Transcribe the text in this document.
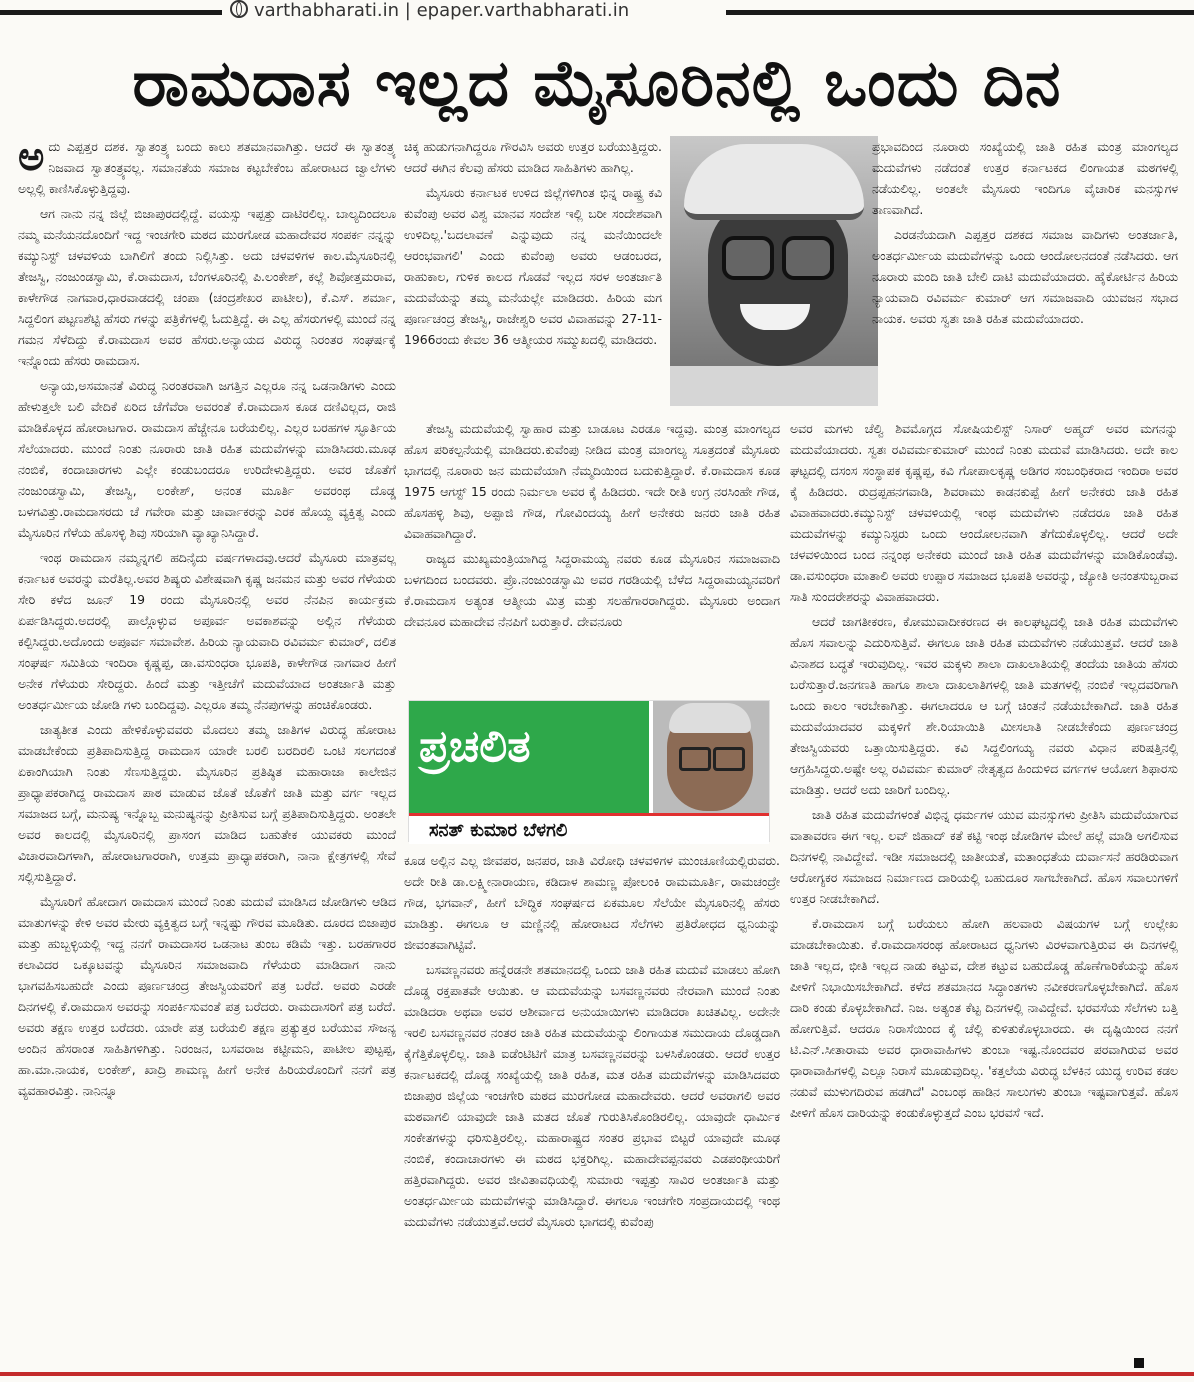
varthabharati.in | epaper.varthabharati.in
ರಾಮದಾಸ ಇಲ್ಲದ ಮೈಸೂರಿನಲ್ಲಿ ಒಂದು ದಿನ

ಅದು ಎಪ್ಪತ್ತರ ದಶಕ. ಸ್ವಾತಂತ್ರ್ಯ ಬಂದು ಕಾಲು ಶತಮಾನವಾಗಿತ್ತು. ಆದರೆ ಈ ಸ್ವಾತಂತ್ರ್ಯ ನಿಜವಾದ ಸ್ವಾತಂತ್ರ್ಯವಲ್ಲ. ಸಮಾನತೆಯ ಸಮಾಜ ಕಟ್ಟಬೇಕೆಂಬ ಹೋರಾಟದ ಜ್ವಾಲೆಗಳು ಅಲ್ಲಲ್ಲಿ ಕಾಣಿಸಿಕೊಳ್ಳುತ್ತಿದ್ದವು.

ಆಗ ನಾನು ನನ್ನ ಜಿಲ್ಲೆ ಬಿಜಾಪುರದಲ್ಲಿದ್ದೆ. ವಯಸ್ಸು ಇಪ್ಪತ್ತು ದಾಟಿರಲಿಲ್ಲ. ಬಾಲ್ಯದಿಂದಲೂ ನಮ್ಮ ಮನೆಯನದೊಂದಿಗೆ ಇದ್ದ ಇಂಚಗೇರಿ ಮಠದ ಮುರಗೋಡ ಮಹಾದೇವರ ಸಂಪರ್ಕ ನನ್ನನ್ನು ಕಮ್ಯುನಿಸ್ಟ್ ಚಳವಳಿಯ ಬಾಗಿಲಿಗೆ ತಂದು ನಿಲ್ಲಿಸಿತ್ತು. ಅದು ಚಳವಳಿಗಳ ಕಾಲ.ಮೈಸೂರಿನಲ್ಲಿ ತೇಜಸ್ವಿ, ನಂಜುಂಡಸ್ವಾಮಿ, ಕೆ.ರಾಮದಾಸ, ಬೆಂಗಳೂರಿನಲ್ಲಿ ಪಿ.ಲಂಕೇಶ್, ಕಲ್ಲೆ ಶಿವೋತ್ತಮರಾವ, ಕಾಳೇಗೌಡ ನಾಗವಾರ,ಧಾರವಾಡದಲ್ಲಿ ಚಂಪಾ (ಚಂದ್ರಶೇಖರ ಪಾಟೀಲ), ಕೆ.ಎಸ್. ಶರ್ಮಾ, ಸಿದ್ದಲಿಂಗ ಪಟ್ಟಣಶೆಟ್ಟಿ ಹೆಸರು ಗಳನ್ನು ಪತ್ರಿಕೆಗಳಲ್ಲಿ ಓದುತ್ತಿದ್ದೆ. ಈ ಎಲ್ಲ ಹೆಸರುಗಳಲ್ಲಿ ಮುಂದೆ ನನ್ನ ಗಮನ ಸೆಳೆದಿದ್ದು ಕೆ.ರಾಮದಾಸ ಅವರ ಹೆಸರು.ಅನ್ಯಾಯದ ವಿರುದ್ಧ ನಿರಂತರ ಸಂಘರ್ಷಕ್ಕೆ ಇನ್ನೊಂದು ಹೆಸರು ರಾಮದಾಸ.

ಅನ್ಯಾಯ,ಅಸಮಾನತೆ ವಿರುದ್ಧ ನಿರಂತರವಾಗಿ ಜಗತ್ತಿನ ಎಲ್ಲರೂ ನನ್ನ ಒಡನಾಡಿಗಳು ಎಂದು ಹೇಳುತ್ತಲೇ ಬಲಿ ವೇದಿಕೆ ಏರಿದ ಚೆಗೆವೆರಾ ಅವರಂತೆ ಕೆ.ರಾಮದಾಸ ಕೂಡ ದಣಿವಿಲ್ಲದ, ರಾಜಿ ಮಾಡಿಕೊಳ್ಳದ ಹೋರಾಟಗಾರ. ರಾಮದಾಸ ಹೆಚ್ಚೇನೂ ಬರೆಯಲಿಲ್ಲ. ಎಲ್ಲರ ಬರಹಗಳ ಸ್ಫೂರ್ತಿಯ ಸೆಲೆಯಾದರು. ಮುಂದೆ ನಿಂತು ನೂರಾರು ಜಾತಿ ರಹಿತ ಮದುವೆಗಳನ್ನು ಮಾಡಿಸಿದರು.ಮೂಢ ನಂಬಿಕೆ, ಕಂದಾಚಾರಗಳು ಎಲ್ಲೇ ಕಂಡುಬಂದರೂ ಉರಿದೇಳುತ್ತಿದ್ದರು. ಅವರ ಜೊತೆಗೆ ನಂಜುಂಡಸ್ವಾಮಿ, ತೇಜಸ್ವಿ, ಲಂಕೇಶ್, ಅನಂತ ಮೂರ್ತಿ ಅವರಂಥ ದೊಡ್ಡ ಬಳಗವಿತ್ತು.ರಾಮದಾಸರದು ಚೆ ಗವೇರಾ ಮತ್ತು ಚಾರ್ವಾಕರನ್ನು ಎರಕ ಹೊಯ್ದ ವ್ಯಕ್ತಿತ್ವ ಎಂದು ಮೈಸೂರಿನ ಗೆಳೆಯ ಹೊಸಳ್ಳಿ ಶಿವು ಸರಿಯಾಗಿ ವ್ಯಾಖ್ಯಾನಿಸಿದ್ದಾರೆ.

ಇಂಥ ರಾಮದಾಸ ನಮ್ಮನ್ನಗಲಿ ಹದಿನೈದು ವರ್ಷಗಳಾದವು.ಆದರೆ ಮೈಸೂರು ಮಾತ್ರವಲ್ಲ ಕರ್ನಾಟಕ ಅವರನ್ನು ಮರೆತಿಲ್ಲ.ಅವರ ಶಿಷ್ಯರು ವಿಶೇಷವಾಗಿ ಕೃಷ್ಣ ಜನಮನ ಮತ್ತು ಅವರ ಗೆಳೆಯರು ಸೇರಿ ಕಳೆದ ಜೂನ್ 19 ರಂದು ಮೈಸೂರಿನಲ್ಲಿ ಅವರ ನೆನಪಿನ ಕಾರ್ಯಕ್ರಮ ಏರ್ಪಡಿಸಿದ್ದರು.ಅದರಲ್ಲಿ ಪಾಲ್ಗೊಳ್ಳುವ ಅಪೂರ್ವ ಅವಕಾಶವನ್ನು ಅಲ್ಲಿನ ಗೆಳೆಯರು ಕಲ್ಪಿಸಿದ್ದರು.ಅದೊಂದು ಅಪೂರ್ವ ಸಮಾವೇಶ. ಹಿರಿಯ ನ್ಯಾಯವಾದಿ ರವಿವರ್ಮ ಕುಮಾರ್, ದಲಿತ ಸಂಘರ್ಷ ಸಮಿತಿಯ ಇಂದಿರಾ ಕೃಷ್ಣಪ್ಪ, ಡಾ.ವಸುಂಧರಾ ಭೂಪತಿ, ಕಾಳೇಗೌಡ ನಾಗವಾರ ಹೀಗೆ ಅನೇಕ ಗೆಳೆಯರು ಸೇರಿದ್ದರು. ಹಿಂದೆ ಮತ್ತು ಇತ್ತೀಚೆಗೆ ಮದುವೆಯಾದ ಅಂತರ್ಜಾತಿ ಮತ್ತು ಅಂತರ್ಧರ್ಮೀಯ ಜೋಡಿ ಗಳು ಬಂದಿದ್ದವು. ಎಲ್ಲರೂ ತಮ್ಮ ನೆನಪುಗಳನ್ನು ಹಂಚಿಕೊಂಡರು.

ಜಾತ್ಯತೀತ ಎಂದು ಹೇಳಿಕೊಳ್ಳುವವರು ಮೊದಲು ತಮ್ಮ ಜಾತಿಗಳ ವಿರುದ್ಧ ಹೋರಾಟ ಮಾಡಬೇಕೆಂದು ಪ್ರತಿಪಾದಿಸುತ್ತಿದ್ದ ರಾಮದಾಸ ಯಾರೇ ಬರಲಿ ಬರದಿರಲಿ ಒಂಟಿ ಸಲಗದಂತೆ ಏಕಾಂಗಿಯಾಗಿ ನಿಂತು ಸೆಣಸುತ್ತಿದ್ದರು. ಮೈಸೂರಿನ ಪ್ರತಿಷ್ಠಿತ ಮಹಾರಾಜಾ ಕಾಲೇಜಿನ ಪ್ರಾಧ್ಯಾಪಕರಾಗಿದ್ದ ರಾಮದಾಸ ಪಾಠ ಮಾಡುವ ಜೊತೆ ಜೊತೆಗೆ ಜಾತಿ ಮತ್ತು ವರ್ಗ ಇಲ್ಲದ ಸಮಾಜದ ಬಗ್ಗೆ, ಮನುಷ್ಯ ಇನ್ನೊಬ್ಬ ಮನುಷ್ಯನನ್ನು ಪ್ರೀತಿಸುವ ಬಗ್ಗೆ ಪ್ರತಿಪಾದಿಸುತ್ತಿದ್ದರು. ಅಂತಲೇ ಅವರ ಕಾಲದಲ್ಲಿ ಮೈಸೂರಿನಲ್ಲಿ ಪ್ರಾಸಂಗ ಮಾಡಿದ ಬಹುತೇಕ ಯುವಕರು ಮುಂದೆ ವಿಚಾರವಾದಿಗಳಾಗಿ, ಹೋರಾಟಗಾರರಾಗಿ, ಉತ್ತಮ ಪ್ರಾಧ್ಯಾಪಕರಾಗಿ, ನಾನಾ ಕ್ಷೇತ್ರಗಳಲ್ಲಿ ಸೇವೆ ಸಲ್ಲಿಸುತ್ತಿದ್ದಾರೆ.

ಮೈಸೂರಿಗೆ ಹೋದಾಗ ರಾಮದಾಸ ಮುಂದೆ ನಿಂತು ಮದುವೆ ಮಾಡಿಸಿದ ಜೋಡಿಗಳು ಆಡಿದ ಮಾತುಗಳನ್ನು ಕೇಳಿ ಅವರ ಮೇರು ವ್ಯಕ್ತಿತ್ವದ ಬಗ್ಗೆ ಇನ್ನಷ್ಟು ಗೌರವ ಮೂಡಿತು. ದೂರದ ಬಿಜಾಪುರ ಮತ್ತು ಹುಬ್ಬಳ್ಳಿಯಲ್ಲಿ ಇದ್ದ ನನಗೆ ರಾಮದಾಸರ ಒಡನಾಟ ತುಂಬ ಕಡಿಮೆ ಇತ್ತು. ಬರಹಗಾರರ ಕಲಾವಿದರ ಒಕ್ಕೂಟವನ್ನು ಮೈಸೂರಿನ ಸಮಾಜವಾದಿ ಗೆಳೆಯರು ಮಾಡಿದಾಗ ನಾನು ಭಾಗವಹಿಸಬಹುದೇ ಎಂದು ಪೂರ್ಣಚಂದ್ರ ತೇಜಸ್ವಿಯವರಿಗೆ ಪತ್ರ ಬರೆದೆ. ಅವರು ಎರಡೇ ದಿನಗಳಲ್ಲಿ ಕೆ.ರಾಮದಾಸ ಅವರನ್ನು ಸಂಪರ್ಕಿಸುವಂತೆ ಪತ್ರ ಬರೆದರು. ರಾಮದಾಸರಿಗೆ ಪತ್ರ ಬರೆದೆ. ಅವರು ತಕ್ಷಣ ಉತ್ತರ ಬರೆದರು. ಯಾರೇ ಪತ್ರ ಬರೆಯಲಿ ತಕ್ಷಣ ಪ್ರತ್ಯುತ್ತರ ಬರೆಯುವ ಸೌಜನ್ಯ ಅಂದಿನ ಹೆಸರಾಂತ ಸಾಹಿತಿಗಳಿಗಿತ್ತು. ನಿರಂಜನ, ಬಸವರಾಜ ಕಟ್ಟೀಮನಿ, ಪಾಟೀಲ ಪುಟ್ಟಪ್ಪ, ಹಾ.ಮಾ.ನಾಯಕ, ಲಂಕೇಶ್, ಖಾದ್ರಿ ಶಾಮಣ್ಣ ಹೀಗೆ ಅನೇಕ ಹಿರಿಯರೊಂದಿಗೆ ನನಗೆ ಪತ್ರ ವ್ಯವಹಾರವಿತ್ತು. ನಾನಿನ್ನೂ

ಚಿಕ್ಕ ಹುಡುಗನಾಗಿದ್ದರೂ ಗೌರವಿಸಿ ಅವರು ಉತ್ತರ ಬರೆಯುತ್ತಿದ್ದರು. ಆದರೆ ಈಗಿನ ಕೆಲವು ಹೆಸರು ಮಾಡಿದ ಸಾಹಿತಿಗಳು ಹಾಗಿಲ್ಲ.

ಮೈಸೂರು ಕರ್ನಾಟಕ ಉಳಿದ ಜಿಲ್ಲೆಗಳಿಗಿಂತ ಭಿನ್ನ ರಾಷ್ಟ್ರ ಕವಿ ಕುವೆಂಪು ಅವರ ವಿಶ್ವ ಮಾನವ ಸಂದೇಶ ಇಲ್ಲಿ ಬರೀ ಸಂದೇಶವಾಗಿ ಉಳಿದಿಲ್ಲ.'ಬದಲಾವಣೆ ಎನ್ನುವುದು ನನ್ನ ಮನೆಯಿಂದಲೇ ಆರಂಭವಾಗಲಿ' ಎಂದು ಕುವೆಂಪು ಅವರು ಆಡಂಬರದ, ರಾಹುಕಾಲ, ಗುಳಿಕ ಕಾಲದ ಗೊಡವೆ ಇಲ್ಲದ ಸರಳ ಅಂತರ್ಜಾತಿ ಮದುವೆಯನ್ನು ತಮ್ಮ ಮನೆಯಲ್ಲೇ ಮಾಡಿದರು. ಹಿರಿಯ ಮಗ ಪೂರ್ಣಚಂದ್ರ ತೇಜಸ್ವಿ, ರಾಜೇಶ್ವರಿ ಅವರ ವಿವಾಹವನ್ನು 27-11-1966ರಂದು ಕೇವಲ 36 ಆತ್ಮೀಯರ ಸಮ್ಮುಖದಲ್ಲಿ ಮಾಡಿದರು.

ಪ್ರಭಾವದಿಂದ ನೂರಾರು ಸಂಖ್ಯೆಯಲ್ಲಿ ಜಾತಿ ರಹಿತ ಮಂತ್ರ ಮಾಂಗಲ್ಯದ ಮದುವೆಗಳು ನಡೆದಂತೆ ಉತ್ತರ ಕರ್ನಾಟಕದ ಲಿಂಗಾಯತ ಮಠಗಳಲ್ಲಿ ನಡೆಯಲಿಲ್ಲ. ಅಂತಲೇ ಮೈಸೂರು ಇಂದಿಗೂ ವೈಚಾರಿಕ ಮನಸ್ಸುಗಳ ತಾಣವಾಗಿದೆ.

ಎರಡನೆಯದಾಗಿ ಎಪ್ಪತ್ತರ ದಶಕದ ಸಮಾಜ ವಾದಿಗಳು ಅಂತರ್ಜಾತಿ, ಅಂತರ್ಧರ್ಮೀಯ ಮದುವೆಗಳನ್ನು ಒಂದು ಆಂದೋಲನದಂತೆ ನಡೆಸಿದರು. ಆಗ ನೂರಾರು ಮಂದಿ ಜಾತಿ ಬೇಲಿ ದಾಟಿ ಮದುವೆಯಾದರು. ಹೈಕೋರ್ಟಿನ ಹಿರಿಯ ನ್ಯಾಯವಾದಿ ರವಿವರ್ಮ ಕುಮಾರ್ ಆಗ ಸಮಾಜವಾದಿ ಯುವಜನ ಸಭಾದ ನಾಯಕ. ಅವರು ಸ್ವತಃ ಜಾತಿ ರಹಿತ ಮದುವೆಯಾದರು.

ತೇಜಸ್ವಿ ಮದುವೆಯಲ್ಲಿ ಸ್ವಾಹಾರ ಮತ್ತು ಬಾಡೂಟ ಎರಡೂ ಇದ್ದವು. ಮಂತ್ರ ಮಾಂಗಲ್ಯದ ಹೊಸ ಪರಿಕಲ್ಪನೆಯಲ್ಲಿ ಮಾಡಿದರು.ಕುವೆಂಪು ನೀಡಿದ ಮಂತ್ರ ಮಾಂಗಲ್ಯ ಸೂತ್ರದಂತೆ ಮೈಸೂರು ಭಾಗದಲ್ಲಿ ನೂರಾರು ಜನ ಮದುವೆಯಾಗಿ ನೆಮ್ಮದಿಯಿಂದ ಬದುಕುತ್ತಿದ್ದಾರೆ. ಕೆ.ರಾಮದಾಸ ಕೂಡ 1975 ಆಗಸ್ಟ್ 15 ರಂದು ನಿರ್ಮಲಾ ಅವರ ಕೈ ಹಿಡಿದರು. ಇದೇ ರೀತಿ ಉಗ್ರ ನರಸಿಂಹೇ ಗೌಡ, ಹೊಸಹಳ್ಳಿ ಶಿವು, ಅಪ್ಪಾಜಿ ಗೌಡ, ಗೋವಿಂದಯ್ಯ ಹೀಗೆ ಅನೇಕರು ಜನರು ಜಾತಿ ರಹಿತ ವಿವಾಹವಾಗಿದ್ದಾರೆ.

ರಾಜ್ಯದ ಮುಖ್ಯಮಂತ್ರಿಯಾಗಿದ್ದ ಸಿದ್ದರಾಮಯ್ಯ ನವರು ಕೂಡ ಮೈಸೂರಿನ ಸಮಾಜವಾದಿ ಬಳಗದಿಂದ ಬಂದವರು. ಪ್ರೊ.ನಂಜುಂಡಸ್ವಾಮಿ ಅವರ ಗರಡಿಯಲ್ಲಿ ಬೆಳೆದ ಸಿದ್ದರಾಮಯ್ಯನವರಿಗೆ ಕೆ.ರಾಮದಾಸ ಅತ್ಯಂತ ಆತ್ಮೀಯ ಮಿತ್ರ ಮತ್ತು ಸಲಹೆಗಾರರಾಗಿದ್ದರು. ಮೈಸೂರು ಅಂದಾಗ ದೇವನೂರ ಮಹಾದೇವ ನೆನಪಿಗೆ ಬರುತ್ತಾರೆ. ದೇವನೂರು

ಪ್ರಚಲಿತ
ಸನತ್ ಕುಮಾರ ಬೆಳಗಲಿ

ಕೂಡ ಅಲ್ಲಿನ ಎಲ್ಲ ಜೀವಪರ, ಜನಪರ, ಜಾತಿ ವಿರೋಧಿ ಚಳವಳಿಗಳ ಮುಂಚೂಣಿಯಲ್ಲಿರುವರು. ಅದೇ ರೀತಿ ಡಾ.ಲಕ್ಷ್ಮೀನಾರಾಯಣ, ಕಡಿದಾಳ ಶಾಮಣ್ಣ ಪೋಲಂಕಿ ರಾಮಮೂರ್ತಿ, ರಾಮಚಂದ್ರೇ ಗೌಡ, ಭಗವಾನ್, ಹೀಗೆ ಬೌದ್ಧಿಕ ಸಂಘರ್ಷದ ಏಕಮೂಲ ಸೆಲೆಯೇ ಮೈಸೂರಿನಲ್ಲಿ ಹೆಸರು ಮಾಡಿತ್ತು. ಈಗಲೂ ಆ ಮಣ್ಣಿನಲ್ಲಿ ಹೋರಾಟದ ಸೆಲೆಗಳು ಪ್ರತಿರೋಧದ ಧ್ವನಿಯನ್ನು ಜೀವಂತವಾಗಿಟ್ಟಿವೆ.

ಬಸವಣ್ಣನವರು ಹನ್ನೆರಡನೇ ಶತಮಾನದಲ್ಲಿ ಒಂದು ಜಾತಿ ರಹಿತ ಮದುವೆ ಮಾಡಲು ಹೋಗಿ ದೊಡ್ಡ ರಕ್ತಪಾತವೇ ಆಯಿತು. ಆ ಮದುವೆಯನ್ನು ಬಸವಣ್ಣನವರು ನೇರವಾಗಿ ಮುಂದೆ ನಿಂತು ಮಾಡಿದರಾ ಅಥವಾ ಅವರ ಆಶೀರ್ವಾದ ಅನುಯಾಯಿಗಳು ಮಾಡಿದರಾ ಖಚಿತವಿಲ್ಲ. ಅದೇನೇ ಇರಲಿ ಬಸವಣ್ಣನವರ ನಂತರ ಜಾತಿ ರಹಿತ ಮದುವೆಯನ್ನು ಲಿಂಗಾಯತ ಸಮುದಾಯ ದೊಡ್ಡದಾಗಿ ಕೈಗೆತ್ತಿಕೊಳ್ಳಲಿಲ್ಲ. ಜಾತಿ ಐಡೆಂಟಿಟಿಗೆ ಮಾತ್ರ ಬಸವಣ್ಣನವರನ್ನು ಬಳಸಿಕೊಂಡರು. ಆದರೆ ಉತ್ತರ ಕರ್ನಾಟಕದಲ್ಲಿ ದೊಡ್ಡ ಸಂಖ್ಯೆಯಲ್ಲಿ ಜಾತಿ ರಹಿತ, ಮತ ರಹಿತ ಮದುವೆಗಳನ್ನು ಮಾಡಿಸಿದವರು ಬಿಜಾಪುರ ಜಿಲ್ಲೆಯ ಇಂಚಗೇರಿ ಮಠದ ಮುರಗೋಡ ಮಹಾದೇವರು. ಆದರೆ ಅವರಾಗಲಿ ಅವರ ಮಠವಾಗಲಿ ಯಾವುದೇ ಜಾತಿ ಮತದ ಜೊತೆ ಗುರುತಿಸಿಕೊಂಡಿರಲಿಲ್ಲ. ಯಾವುದೇ ಧಾರ್ಮಿಕ ಸಂಕೇತಗಳನ್ನು ಧರಿಸುತ್ತಿರಲಿಲ್ಲ. ಮಹಾರಾಷ್ಟ್ರದ ಸಂತರ ಪ್ರಭಾವ ಬಿಟ್ಟರೆ ಯಾವುದೇ ಮೂಢ ನಂಬಿಕೆ, ಕಂದಾಚಾರಗಳು ಈ ಮಠದ ಭಕ್ತರಿಗಿಲ್ಲ. ಮಹಾದೇವಪ್ಪನವರು ಎಡಪಂಥೀಯರಿಗೆ ಹತ್ತಿರವಾಗಿದ್ದರು. ಅವರ ಜೀವಿತಾವಧಿಯಲ್ಲಿ ಸುಮಾರು ಇಪ್ಪತ್ತು ಸಾವಿರ ಅಂತರ್ಜಾತಿ ಮತ್ತು ಅಂತರ್ಧರ್ಮೀಯ ಮದುವೆಗಳನ್ನು ಮಾಡಿಸಿದ್ದಾರೆ. ಈಗಲೂ ಇಂಚಗೇರಿ ಸಂಪ್ರದಾಯದಲ್ಲಿ ಇಂಥ ಮದುವೆಗಳು ನಡೆಯುತ್ತವೆ.ಆದರೆ ಮೈಸೂರು ಭಾಗದಲ್ಲಿ ಕುವೆಂಪು

ಅವರ ಮಗಳು ಚೆಲ್ವಿ ಶಿವಮೊಗ್ಗದ ಸೋಷಿಯಲಿಸ್ಟ್ ನಿಸಾರ್ ಅಹ್ಮದ್ ಅವರ ಮಗನನ್ನು ಮದುವೆಯಾದರು. ಸ್ವತಃ ರವಿವರ್ಮಕುಮಾರ್ ಮುಂದೆ ನಿಂತು ಮದುವೆ ಮಾಡಿಸಿದರು. ಅದೇ ಕಾಲ ಘಟ್ಟದಲ್ಲಿ ದಸಂಸ ಸಂಸ್ಥಾಪಕ ಕೃಷ್ಣಪ್ಪ, ಕವಿ ಗೋಪಾಲಕೃಷ್ಣ ಅಡಿಗರ ಸಂಬಂಧಿಕರಾದ ಇಂದಿರಾ ಅವರ ಕೈ ಹಿಡಿದರು. ರುದ್ರಪ್ಪಹನಗವಾಡಿ, ಶಿವರಾಮು ಕಾಡನಕುಪ್ಪೆ ಹೀಗೆ ಅನೇಕರು ಜಾತಿ ರಹಿತ ವಿವಾಹವಾದರು.ಕಮ್ಯುನಿಸ್ಟ್ ಚಳವಳಿಯಲ್ಲಿ ಇಂಥ ಮದುವೆಗಳು ನಡೆದರೂ ಜಾತಿ ರಹಿತ ಮದುವೆಗಳನ್ನು ಕಮ್ಯುನಿಸ್ಟರು ಒಂದು ಆಂದೋಲನವಾಗಿ ತೆಗೆದುಕೊಳ್ಳಲಿಲ್ಲ. ಆದರೆ ಅದೇ ಚಳವಳಿಯಿಂದ ಬಂದ ನನ್ನಂಥ ಅನೇಕರು ಮುಂದೆ ಜಾತಿ ರಹಿತ ಮದುವೆಗಳನ್ನು ಮಾಡಿಕೊಂಡೆವು. ಡಾ.ವಸುಂಧರಾ ಮಾತಾಲಿ ಅವರು ಉಪ್ಪಾರ ಸಮಾಜದ ಭೂಪತಿ ಅವರನ್ನು, ಜ್ಯೋತಿ ಅನಂತಸುಬ್ಬರಾವ ಸಾತಿ ಸುಂದರೇಶರನ್ನು ವಿವಾಹವಾದರು.

ಆದರೆ ಜಾಗತೀಕರಣ, ಕೋಮುವಾದೀಕರಣದ ಈ ಕಾಲಘಟ್ಟದಲ್ಲಿ ಜಾತಿ ರಹಿತ ಮದುವೆಗಳು ಹೊಸ ಸವಾಲನ್ನು ಎದುರಿಸುತ್ತಿವೆ. ಈಗಲೂ ಜಾತಿ ರಹಿತ ಮದುವೆಗಳು ನಡೆಯುತ್ತವೆ. ಆದರೆ ಜಾತಿ ವಿನಾಶದ ಬದ್ಧತೆ ಇರುವುದಿಲ್ಲ. ಇವರ ಮಕ್ಕಳು ಶಾಲಾ ದಾಖಲಾತಿಯಲ್ಲಿ ತಂದೆಯ ಜಾತಿಯ ಹೆಸರು ಬರೆಸುತ್ತಾರೆ.ಜನಗಣತಿ ಹಾಗೂ ಶಾಲಾ ದಾಖಲಾತಿಗಳಲ್ಲಿ ಜಾತಿ ಮತಗಳಲ್ಲಿ ನಂಬಿಕೆ ಇಲ್ಲದವರಿಗಾಗಿ ಒಂದು ಕಾಲಂ ಇರಬೇಕಾಗಿತ್ತು. ಈಗಲಾದರೂ ಆ ಬಗ್ಗೆ ಚಿಂತನೆ ನಡೆಯಬೇಕಾಗಿದೆ. ಜಾತಿ ರಹಿತ ಮದುವೆಯಾದವರ ಮಕ್ಕಳಿಗೆ ಶೇ.ರಿಯಾಯಿತಿ ಮೀಸಲಾತಿ ನೀಡಬೇಕೆಂದು ಪೂರ್ಣಚಂದ್ರ ತೇಜಸ್ವಿಯವರು ಒತ್ತಾಯಿಸುತ್ತಿದ್ದರು. ಕವಿ ಸಿದ್ದಲಿಂಗಯ್ಯ ನವರು ವಿಧಾನ ಪರಿಷತ್ತಿನಲ್ಲಿ ಆಗ್ರಹಿಸಿದ್ದರು.ಅಷ್ಟೇ ಅಲ್ಲ ರವಿವರ್ಮ ಕುಮಾರ್ ನೇತೃತ್ವದ ಹಿಂದುಳಿದ ವರ್ಗಗಳ ಆಯೋಗ ಶಿಫಾರಸು ಮಾಡಿತ್ತು. ಆದರೆ ಅದು ಜಾರಿಗೆ ಬಂದಿಲ್ಲ.

ಜಾತಿ ರಹಿತ ಮದುವೆಗಳಂತೆ ವಿಭಿನ್ನ ಧರ್ಮಗಳ ಯುವ ಮನಸ್ಸುಗಳು ಪ್ರೀತಿಸಿ ಮದುವೆಯಾಗುವ ವಾತಾವರಣ ಈಗ ಇಲ್ಲ. ಲವ್ ಜಿಹಾದ್ ಕತೆ ಕಟ್ಟಿ ಇಂಥ ಜೋಡಿಗಳ ಮೇಲೆ ಹಲ್ಲೆ ಮಾಡಿ ಅಗಲಿಸುವ ದಿನಗಳಲ್ಲಿ ನಾವಿದ್ದೇವೆ. ಇಡೀ ಸಮಾಜದಲ್ಲಿ ಜಾತೀಯತೆ, ಮತಾಂಧತೆಯ ದುರ್ವಾಸನೆ ಹರಡಿರುವಾಗ ಆರೋಗ್ಯಕರ ಸಮಾಜದ ನಿರ್ಮಾಣದ ದಾರಿಯಲ್ಲಿ ಬಹುದೂರ ಸಾಗಬೇಕಾಗಿದೆ. ಹೊಸ ಸವಾಲುಗಳಿಗೆ ಉತ್ತರ ನೀಡಬೇಕಾಗಿದೆ.

ಕೆ.ರಾಮದಾಸ ಬಗ್ಗೆ ಬರೆಯಲು ಹೋಗಿ ಹಲವಾರು ವಿಷಯಗಳ ಬಗ್ಗೆ ಉಲ್ಲೇಖ ಮಾಡಬೇಕಾಯಿತು. ಕೆ.ರಾಮದಾಸರಂಥ ಹೋರಾಟದ ಧ್ವನಿಗಳು ವಿರಳವಾಗುತ್ತಿರುವ ಈ ದಿನಗಳಲ್ಲಿ ಜಾತಿ ಇಲ್ಲದ, ಭೀತಿ ಇಲ್ಲದ ನಾಡು ಕಟ್ಟುವ, ದೇಶ ಕಟ್ಟುವ ಬಹುದೊಡ್ಡ ಹೊಣೆಗಾರಿಕೆಯನ್ನು ಹೊಸ ಪೀಳಿಗೆ ನಿಭಾಯಿಸಬೇಕಾಗಿದೆ. ಕಳೆದ ಶತಮಾನದ ಸಿದ್ಧಾಂತಗಳು ನವೀಕರಣಗೊಳ್ಳಬೇಕಾಗಿದೆ. ಹೊಸ ದಾರಿ ಕಂಡು ಕೊಳ್ಳಬೇಕಾಗಿದೆ. ನಿಜ. ಅತ್ಯಂತ ಕೆಟ್ಟ ದಿನಗಳಲ್ಲಿ ನಾವಿದ್ದೇವೆ. ಭರವಸೆಯ ಸೆಲೆಗಳು ಬತ್ತಿ ಹೋಗುತ್ತಿವೆ. ಆದರೂ ನಿರಾಸೆಯಿಂದ ಕೈ ಚೆಲ್ಲಿ ಕುಳಿತುಕೊಳ್ಳಬಾರದು. ಈ ದೃಷ್ಟಿಯಿಂದ ನನಗೆ ಟಿ.ಎನ್.ಸೀತಾರಾಮ ಅವರ ಧಾರಾವಾಹಿಗಳು ತುಂಬಾ ಇಷ್ಟ.ನೊಂದವರ ಪರವಾಗಿರುವ ಅವರ ಧಾರಾವಾಹಿಗಳಲ್ಲಿ ಎಲ್ಲೂ ನಿರಾಸೆ ಮೂಡುವುದಿಲ್ಲ. 'ಕತ್ತಲೆಯ ವಿರುದ್ಧ ಬೆಳಕಿನ ಯುದ್ಧ ಉರಿವ ಕಡಲ ನಡುವೆ ಮುಳುಗದಿರುವ ಹಡಗಿದೆ' ಎಂಬಂಥ ಹಾಡಿನ ಸಾಲುಗಳು ತುಂಬಾ ಇಷ್ಟವಾಗುತ್ತವೆ. ಹೊಸ ಪೀಳಿಗೆ ಹೊಸ ದಾರಿಯನ್ನು ಕಂಡುಕೊಳ್ಳುತ್ತದೆ ಎಂಬ ಭರವಸೆ ಇದೆ.
